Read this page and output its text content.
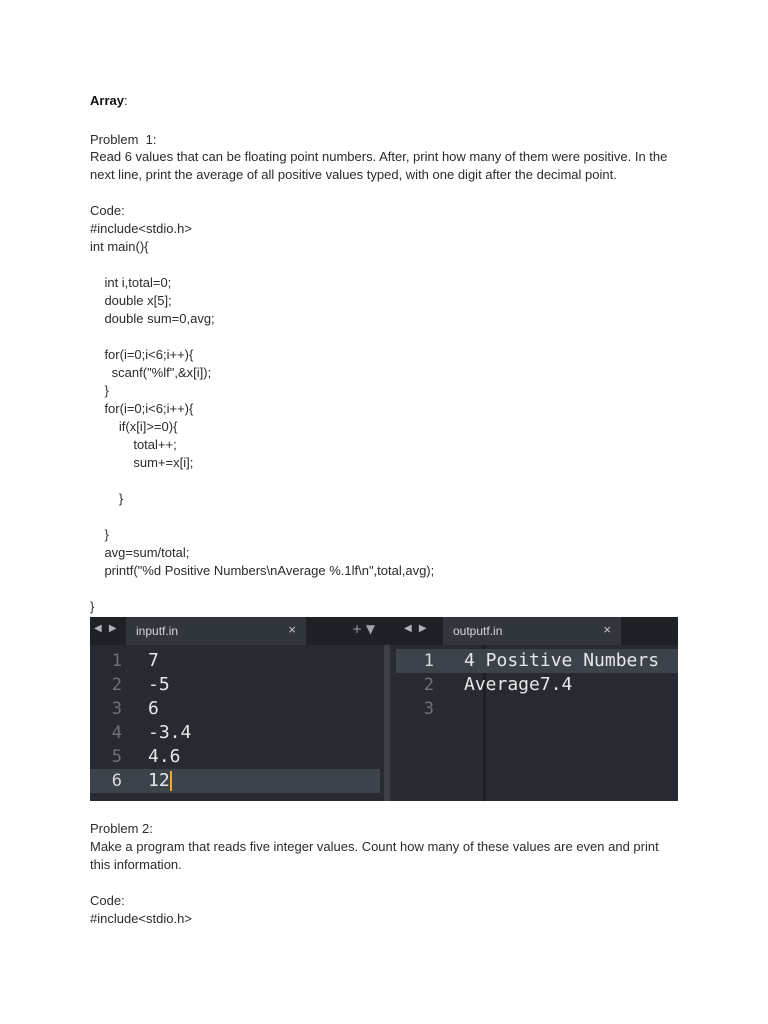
Array:

Problem  1:

Read 6 values that can be floating point numbers. After, print how many of them were positive. In the next line, print the average of all positive values typed, with one digit after the decimal point.

Code:

#include<stdio.h>

int main(){

int i,total=0;

double x[5];

double sum=0,avg;

for(i=0;i<6;i++){

scanf("%lf",&x[i]);

}

for(i=0;i<6;i++){

if(x[i]>=0){

total++;

sum+=x[i];

}

}

avg=sum/total;

printf("%d Positive Numbers\nAverage %.1lf\n",total,avg);

}

◀ ▶ inputf.in	×	+ ▼	◀ ▶ outputf.in	×
1 7
2 -5
3 6
4 -3.4
5 4.6
6 12
1 4 Positive Numbers
2 Average7.4
3

Problem 2:

Make a program that reads five integer values. Count how many of these values are even and print this information.

Code:

#include<stdio.h>
